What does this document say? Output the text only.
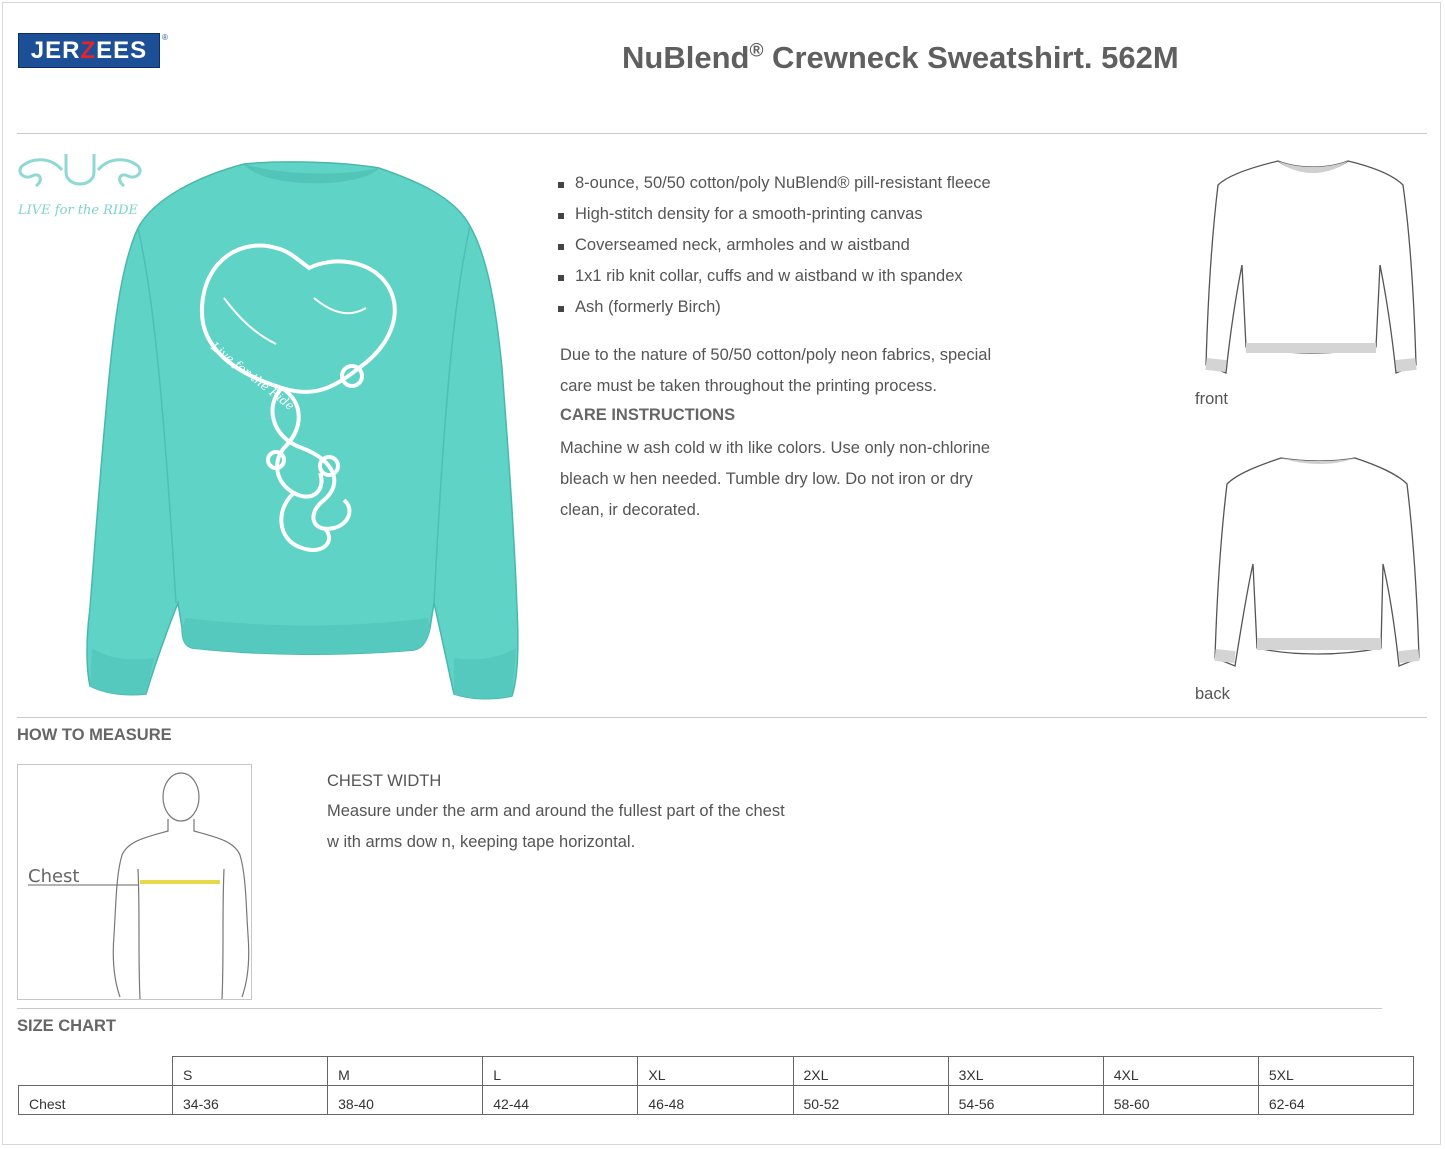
JER Z EES ®
NuBlend® Crewneck Sweatshirt. 562M
Live for the Ride
LIVE for the RIDE
8-ounce, 50/50 cotton/poly NuBlend® pill-resistant fleece
High-stitch density for a smooth-printing canvas
Coverseamed neck, armholes and w aistband
1x1 rib knit collar, cuffs and w aistband w ith spandex
Ash (formerly Birch)
Due to the nature of 50/50 cotton/poly neon fabrics, special
care must be taken throughout the printing process.
CARE INSTRUCTIONS
Machine w ash cold w ith like colors. Use only non-chlorine
bleach w hen needed. Tumble dry low. Do not iron or dry
clean, ir decorated.
front
back
HOW TO MEASURE
Chest
CHEST WIDTH
Measure under the arm and around the fullest part of the chest
w ith arms dow n, keeping tape horizontal.
SIZE CHART
	S	M	L	XL	2XL	3XL	4XL	5XL
Chest	34-36	38-40	42-44	46-48	50-52	54-56	58-60	62-64
